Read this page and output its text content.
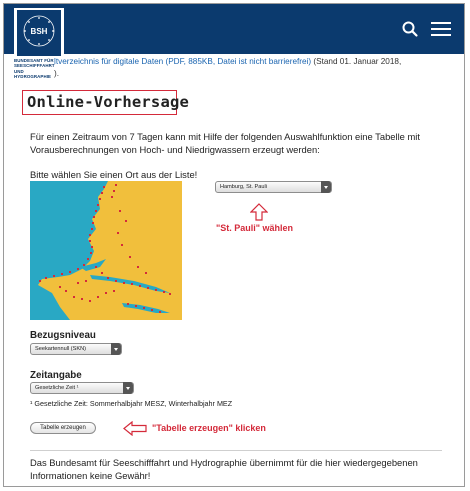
BSH
BUNDESAMT FÜR
SEESCHIFFFAHRT
UND
HYDROGRAPHIE
ltverzeichnis für digitale Daten (PDF, 885KB, Datei ist nicht barrierefrei) (Stand 01. Januar 2018,
).
Online-Vorhersage

Für einen Zeitraum von 7 Tagen kann mit Hilfe der folgenden Auswahlfunktion eine Tabelle mit Vorausberechnungen von Hoch- und Niedrigwassern erzeugt werden:

Bitte wählen Sie einen Ort aus der Liste!

Hamburg, St. Pauli
"St. Pauli" wählen
Bezugsniveau
Seekartennull (SKN)
Zeitangabe
Gesetzliche Zeit ¹
¹ Gesetzliche Zeit: Sommerhalbjahr MESZ, Winterhalbjahr MEZ
Tabelle erzeugen	"Tabelle erzeugen" klicken

Das Bundesamt für Seeschifffahrt und Hydrographie übernimmt für die hier wiedergegebenen Informationen keine Gewähr!
